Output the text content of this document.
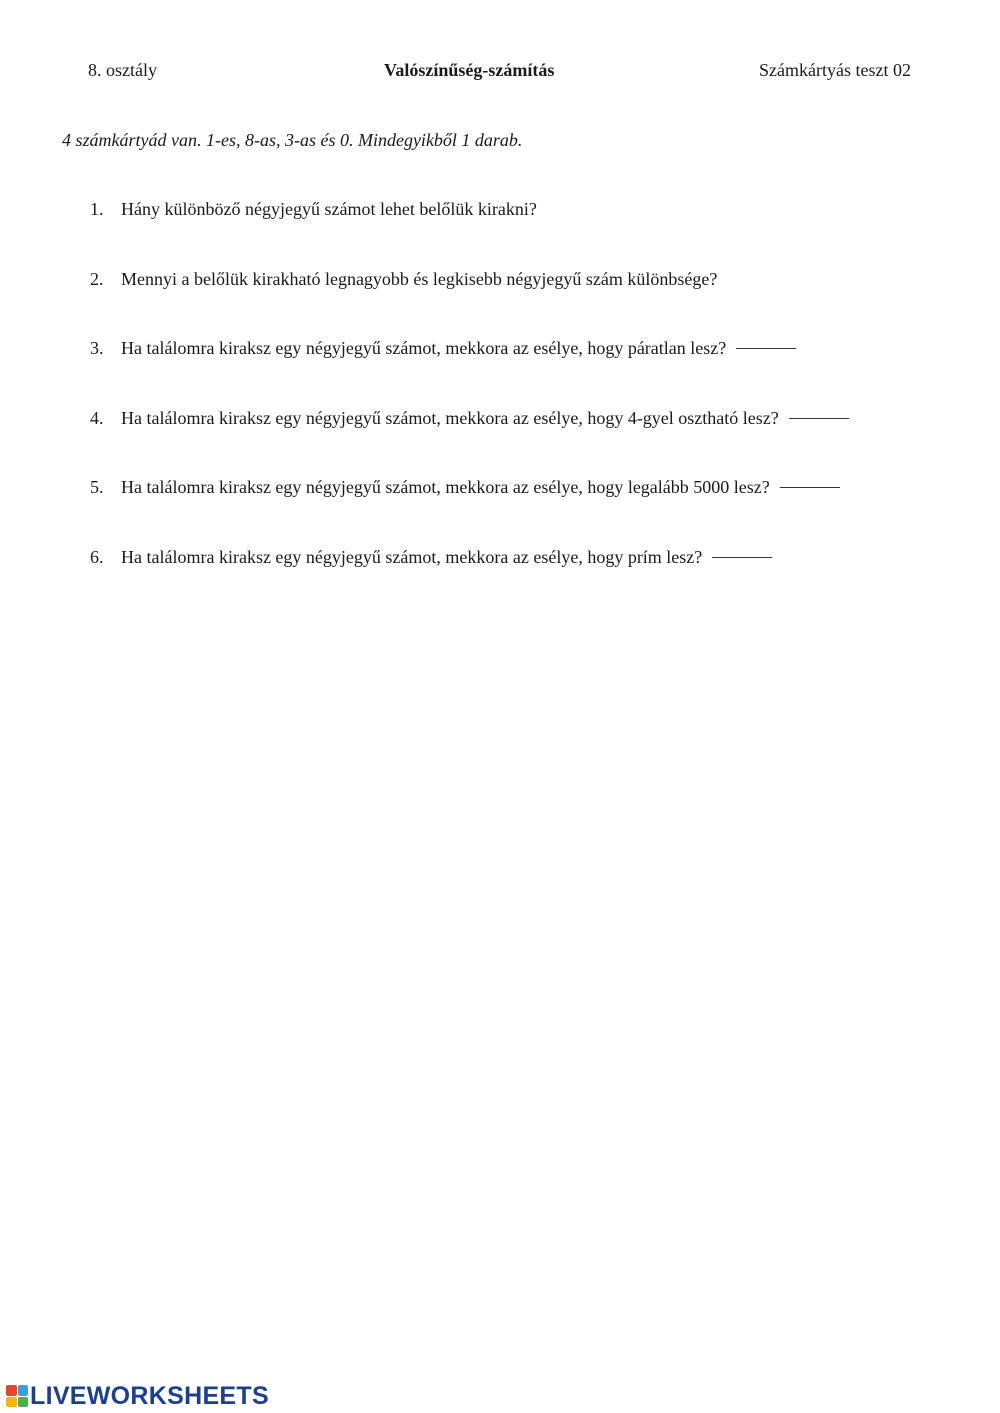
8. osztály	Valószínűség-számítás	Számkártyás teszt 02
4 számkártyád van. 1-es, 8-as, 3-as és 0. Mindegyikből 1 darab.
1. Hány különböző négyjegyű számot lehet belőlük kirakni?
2. Mennyi a belőlük kirakható legnagyobb és legkisebb négyjegyű szám különbsége?
3. Ha találomra kiraksz egy négyjegyű számot, mekkora az esélye, hogy páratlan lesz?
4. Ha találomra kiraksz egy négyjegyű számot, mekkora az esélye, hogy 4-gyel osztható lesz?
5. Ha találomra kiraksz egy négyjegyű számot, mekkora az esélye, hogy legalább 5000 lesz?
6. Ha találomra kiraksz egy négyjegyű számot, mekkora az esélye, hogy prím lesz?
LIVEWORKSHEETS
